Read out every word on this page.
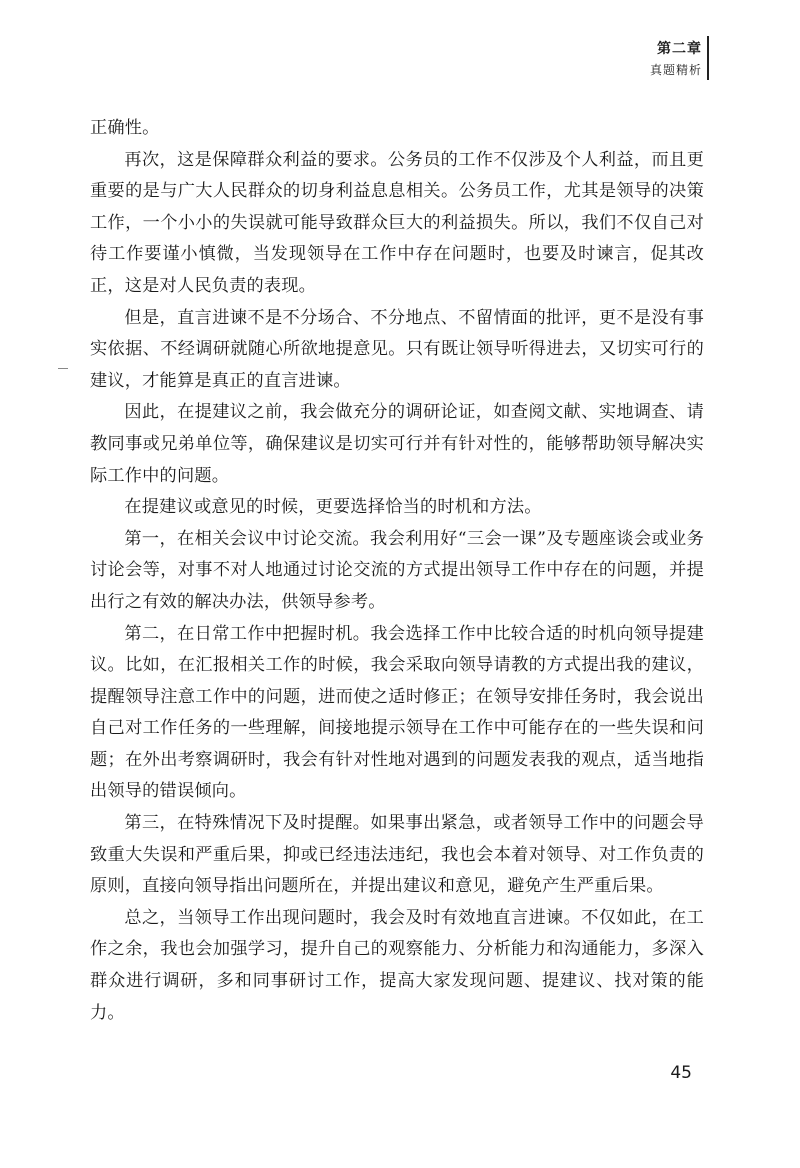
第二章
真题精析

正确性。

再次，这是保障群众利益的要求。公务员的工作不仅涉及个人利益，而且更重要的是与广大人民群众的切身利益息息相关。公务员工作，尤其是领导的决策工作，一个小小的失误就可能导致群众巨大的利益损失。所以，我们不仅自己对待工作要谨小慎微，当发现领导在工作中存在问题时，也要及时谏言，促其改正，这是对人民负责的表现。

但是，直言进谏不是不分场合、不分地点、不留情面的批评，更不是没有事实依据、不经调研就随心所欲地提意见。只有既让领导听得进去，又切实可行的建议，才能算是真正的直言进谏。

因此，在提建议之前，我会做充分的调研论证，如查阅文献、实地调查、请教同事或兄弟单位等，确保建议是切实可行并有针对性的，能够帮助领导解决实际工作中的问题。

在提建议或意见的时候，更要选择恰当的时机和方法。

第一，在相关会议中讨论交流。我会利用好“三会一课”及专题座谈会或业务讨论会等，对事不对人地通过讨论交流的方式提出领导工作中存在的问题，并提出行之有效的解决办法，供领导参考。

第二，在日常工作中把握时机。我会选择工作中比较合适的时机向领导提建议。比如，在汇报相关工作的时候，我会采取向领导请教的方式提出我的建议，提醒领导注意工作中的问题，进而使之适时修正；在领导安排任务时，我会说出自己对工作任务的一些理解，间接地提示领导在工作中可能存在的一些失误和问题；在外出考察调研时，我会有针对性地对遇到的问题发表我的观点，适当地指出领导的错误倾向。

第三，在特殊情况下及时提醒。如果事出紧急，或者领导工作中的问题会导致重大失误和严重后果，抑或已经违法违纪，我也会本着对领导、对工作负责的原则，直接向领导指出问题所在，并提出建议和意见，避免产生严重后果。

总之，当领导工作出现问题时，我会及时有效地直言进谏。不仅如此，在工作之余，我也会加强学习，提升自己的观察能力、分析能力和沟通能力，多深入群众进行调研，多和同事研讨工作，提高大家发现问题、提建议、找对策的能力。

45
